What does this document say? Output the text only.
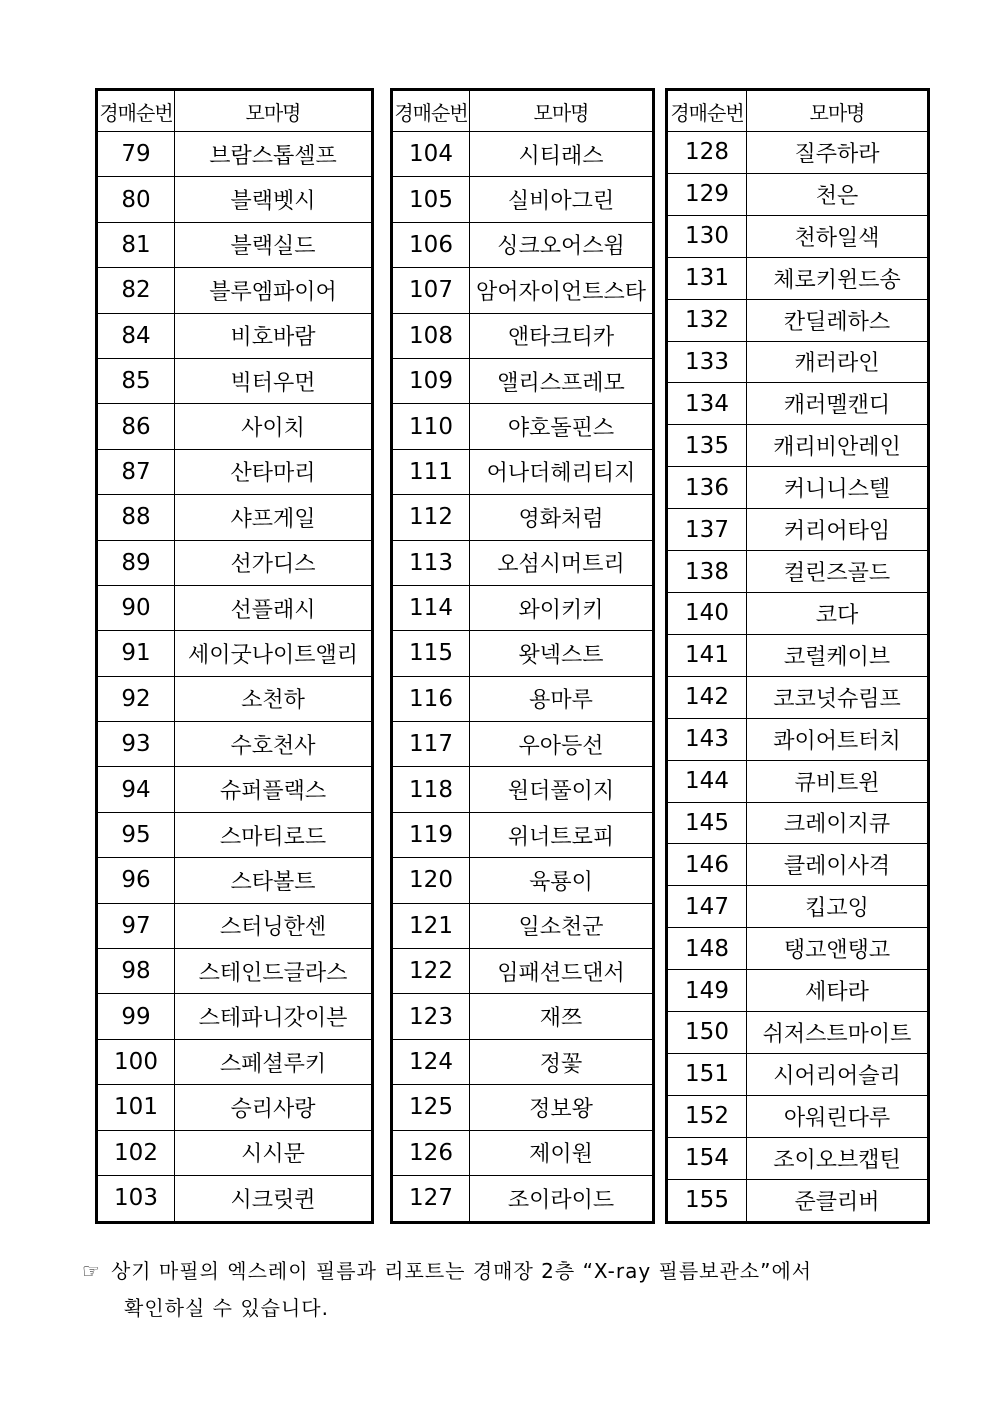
경매순번	모마명
79	브람스톱셀프
80	블랙벳시
81	블랙실드
82	블루엠파이어
84	비호바람
85	빅터우먼
86	사이치
87	산타마리
88	샤프게일
89	선가디스
90	선플래시
91	세이굿나이트앨리
92	소천하
93	수호천사
94	슈퍼플랙스
95	스마티로드
96	스타볼트
97	스터닝한센
98	스테인드글라스
99	스테파니갓이븐
100	스페셜루키
101	승리사랑
102	시시문
103	시크릿퀸
경매순번	모마명
104	시티래스
105	실비아그린
106	싱크오어스윔
107	암어자이언트스타
108	앤타크티카
109	앨리스프레모
110	야호돌핀스
111	어나더헤리티지
112	영화처럼
113	오섬시머트리
114	와이키키
115	왓넥스트
116	용마루
117	우아등선
118	원더풀이지
119	위너트로피
120	육룡이
121	일소천군
122	임패션드댄서
123	재쯔
124	정꽃
125	정보왕
126	제이원
127	조이라이드
경매순번	모마명
128	질주하라
129	천은
130	천하일색
131	체로키윈드송
132	칸딜레하스
133	캐러라인
134	캐러멜캔디
135	캐리비안레인
136	커니니스텔
137	커리어타임
138	컬린즈골드
140	코다
141	코럴케이브
142	코코넛슈림프
143	콰이어트터치
144	큐비트윈
145	크레이지큐
146	클레이사격
147	킵고잉
148	탱고앤탱고
149	세타라
150	쉬저스트마이트
151	시어리어슬리
152	아워린다루
154	조이오브캡틴
155	준클리버
☞ 상기 마필의 엑스레이 필름과 리포트는 경매장 2층 “X-ray 필름보관소”에서
확인하실 수 있습니다.
